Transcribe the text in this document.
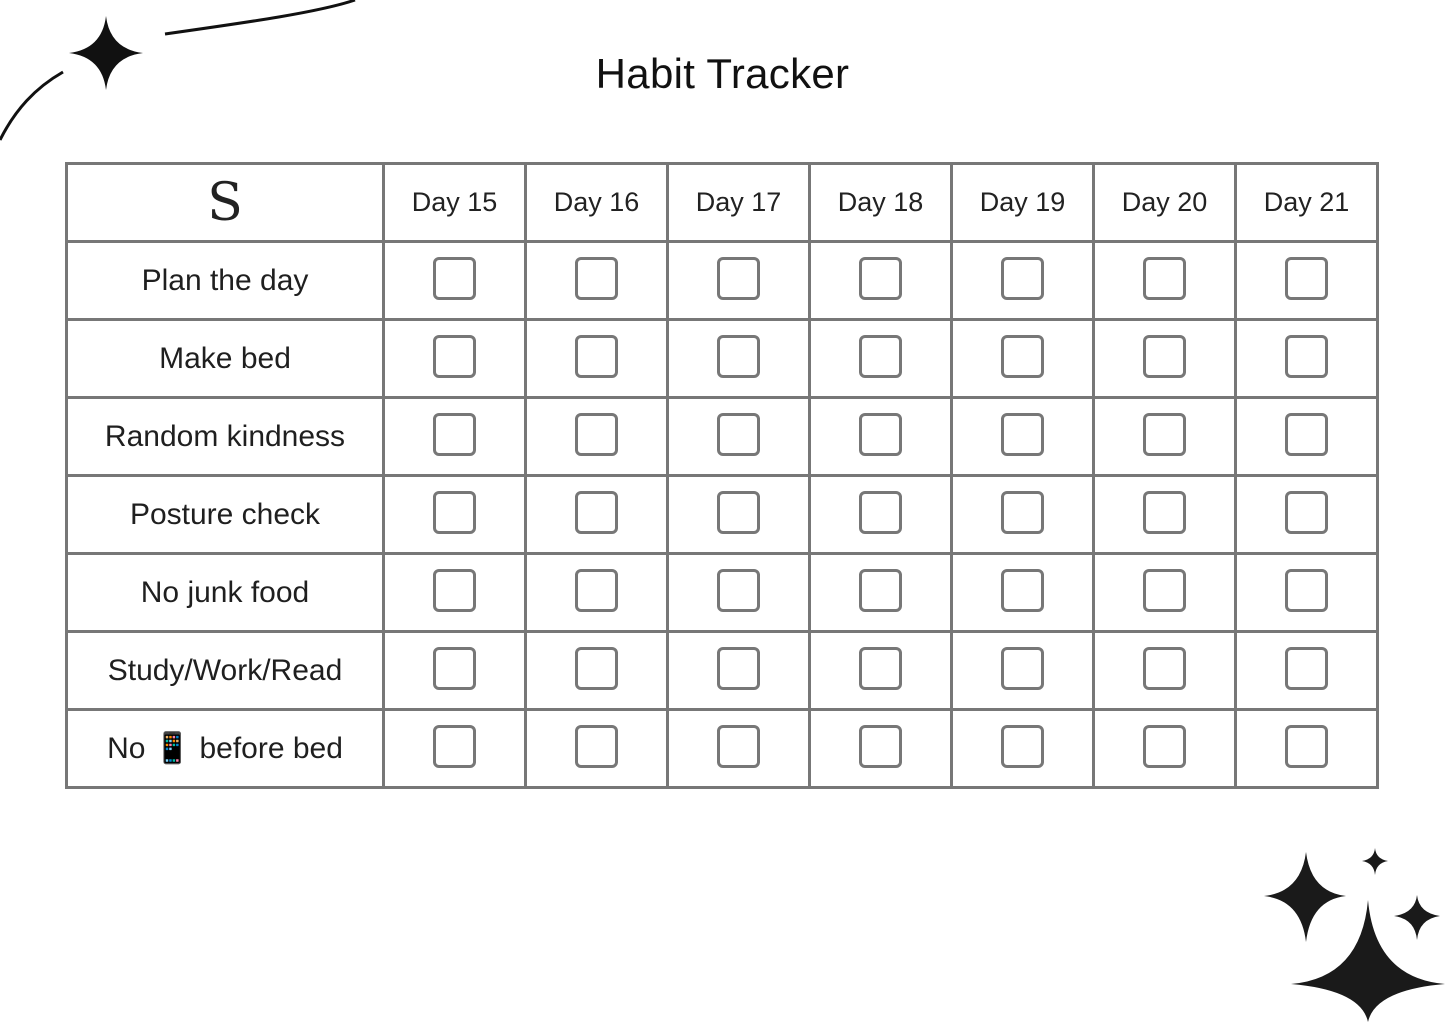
Habit Tracker
S	Day 15	Day 16	Day 17	Day 18	Day 19	Day 20	Day 21
Plan the day							
Make bed							
Random kindness							
Posture check							
No junk food							
Study/Work/Read							
No 📱 before bed							
